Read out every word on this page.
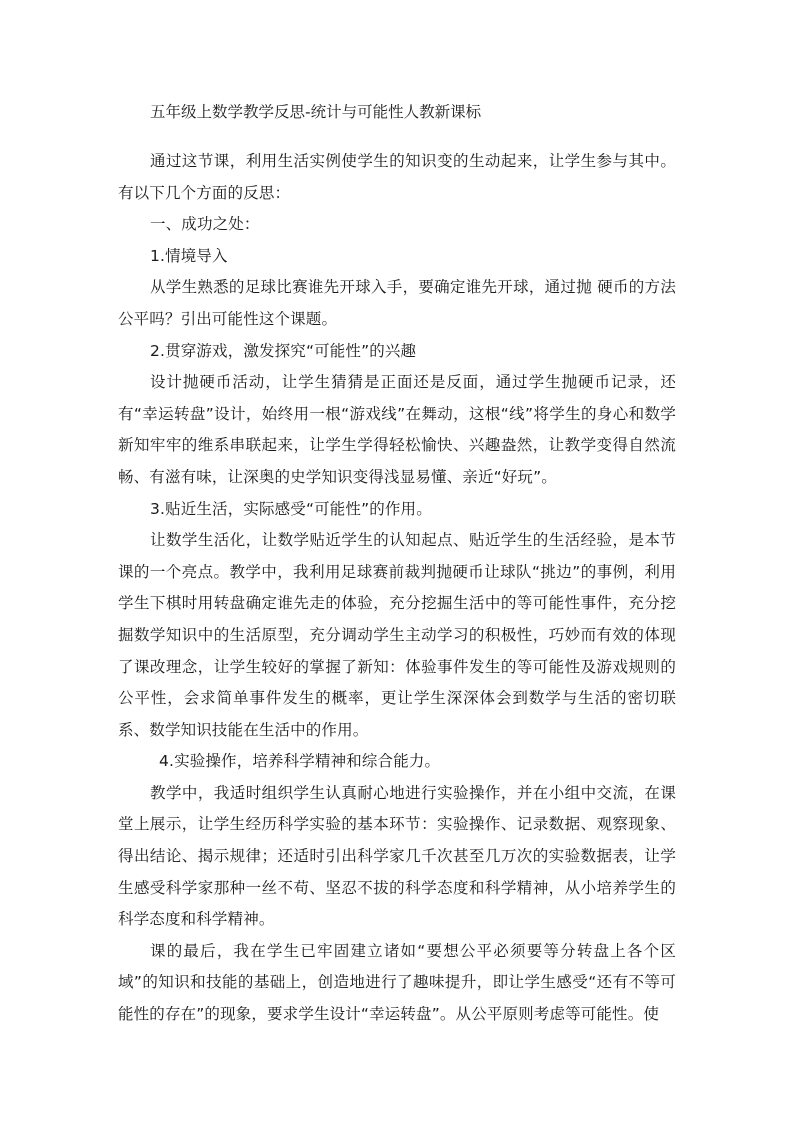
五年级上数学教学反思-统计与可能性人教新课标

通过这节课，利用生活实例使学生的知识变的生动起来，让学生参与其中。有以下几个方面的反思：

一、成功之处：

1.情境导入

从学生熟悉的足球比赛谁先开球入手，要确定谁先开球，通过抛 硬币的方法公平吗？引出可能性这个课题。

2.贯穿游戏，激发探究“可能性”的兴趣

设计抛硬币活动，让学生猜猜是正面还是反面，通过学生抛硬币记录，还有“幸运转盘”设计，始终用一根“游戏线”在舞动，这根“线”将学生的身心和数学新知牢牢的维系串联起来，让学生学得轻松愉快、兴趣盎然，让教学变得自然流畅、有滋有味，让深奥的史学知识变得浅显易懂、亲近“好玩”。

3.贴近生活，实际感受“可能性”的作用。

让数学生活化，让数学贴近学生的认知起点、贴近学生的生活经验，是本节课的一个亮点。教学中，我利用足球赛前裁判抛硬币让球队“挑边”的事例，利用学生下棋时用转盘确定谁先走的体验，充分挖掘生活中的等可能性事件，充分挖掘数学知识中的生活原型，充分调动学生主动学习的积极性，巧妙而有效的体现了课改理念，让学生较好的掌握了新知：体验事件发生的等可能性及游戏规则的公平性，会求简单事件发生的概率，更让学生深深体会到数学与生活的密切联系、数学知识技能在生活中的作用。

4.实验操作，培养科学精神和综合能力。

教学中，我适时组织学生认真耐心地进行实验操作，并在小组中交流，在课堂上展示，让学生经历科学实验的基本环节：实验操作、记录数据、观察现象、得出结论、揭示规律；还适时引出科学家几千次甚至几万次的实验数据表，让学生感受科学家那种一丝不苟、坚忍不拔的科学态度和科学精神，从小培养学生的科学态度和科学精神。

课的最后，我在学生已牢固建立诸如“要想公平必须要等分转盘上各个区域”的知识和技能的基础上，创造地进行了趣味提升，即让学生感受“还有不等可能性的存在”的现象，要求学生设计“幸运转盘”。从公平原则考虑等可能性。使
